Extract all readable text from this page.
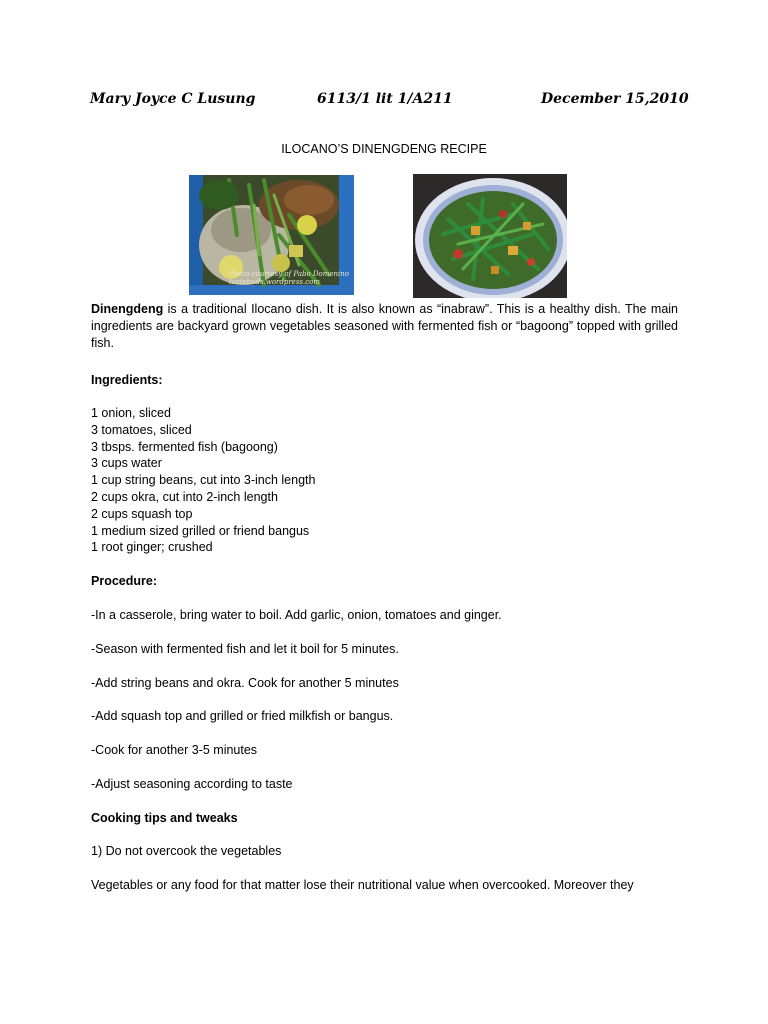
Mary Joyce C Lusung	6113/1 lit 1/A211	December 15,2010
ILOCANO’S DINENGDENG RECIPE
Photo courtesy of Pabo Domenino
tastebuds.wordpress.com
Dinengdeng is a traditional Ilocano dish. It is also known as “inabraw”. This is a healthy dish. The main ingredients are backyard grown vegetables seasoned with fermented fish or “bagoong” topped with grilled fish.
Ingredients:
1 onion, sliced
3 tomatoes, sliced
3 tbsps. fermented fish (bagoong)
3 cups water
1 cup string beans, cut into 3-inch length
2 cups okra, cut into 2-inch length
2 cups squash top
1 medium sized grilled or friend bangus
1 root ginger; crushed
Procedure:
-In a casserole, bring water to boil. Add garlic, onion, tomatoes and ginger.
-Season with fermented fish and let it boil for 5 minutes.
-Add string beans and okra. Cook for another 5 minutes
-Add squash top and grilled or fried milkfish or bangus.
-Cook for another 3-5 minutes
-Adjust seasoning according to taste
Cooking tips and tweaks
1) Do not overcook the vegetables
Vegetables or any food for that matter lose their nutritional value when overcooked. Moreover they
